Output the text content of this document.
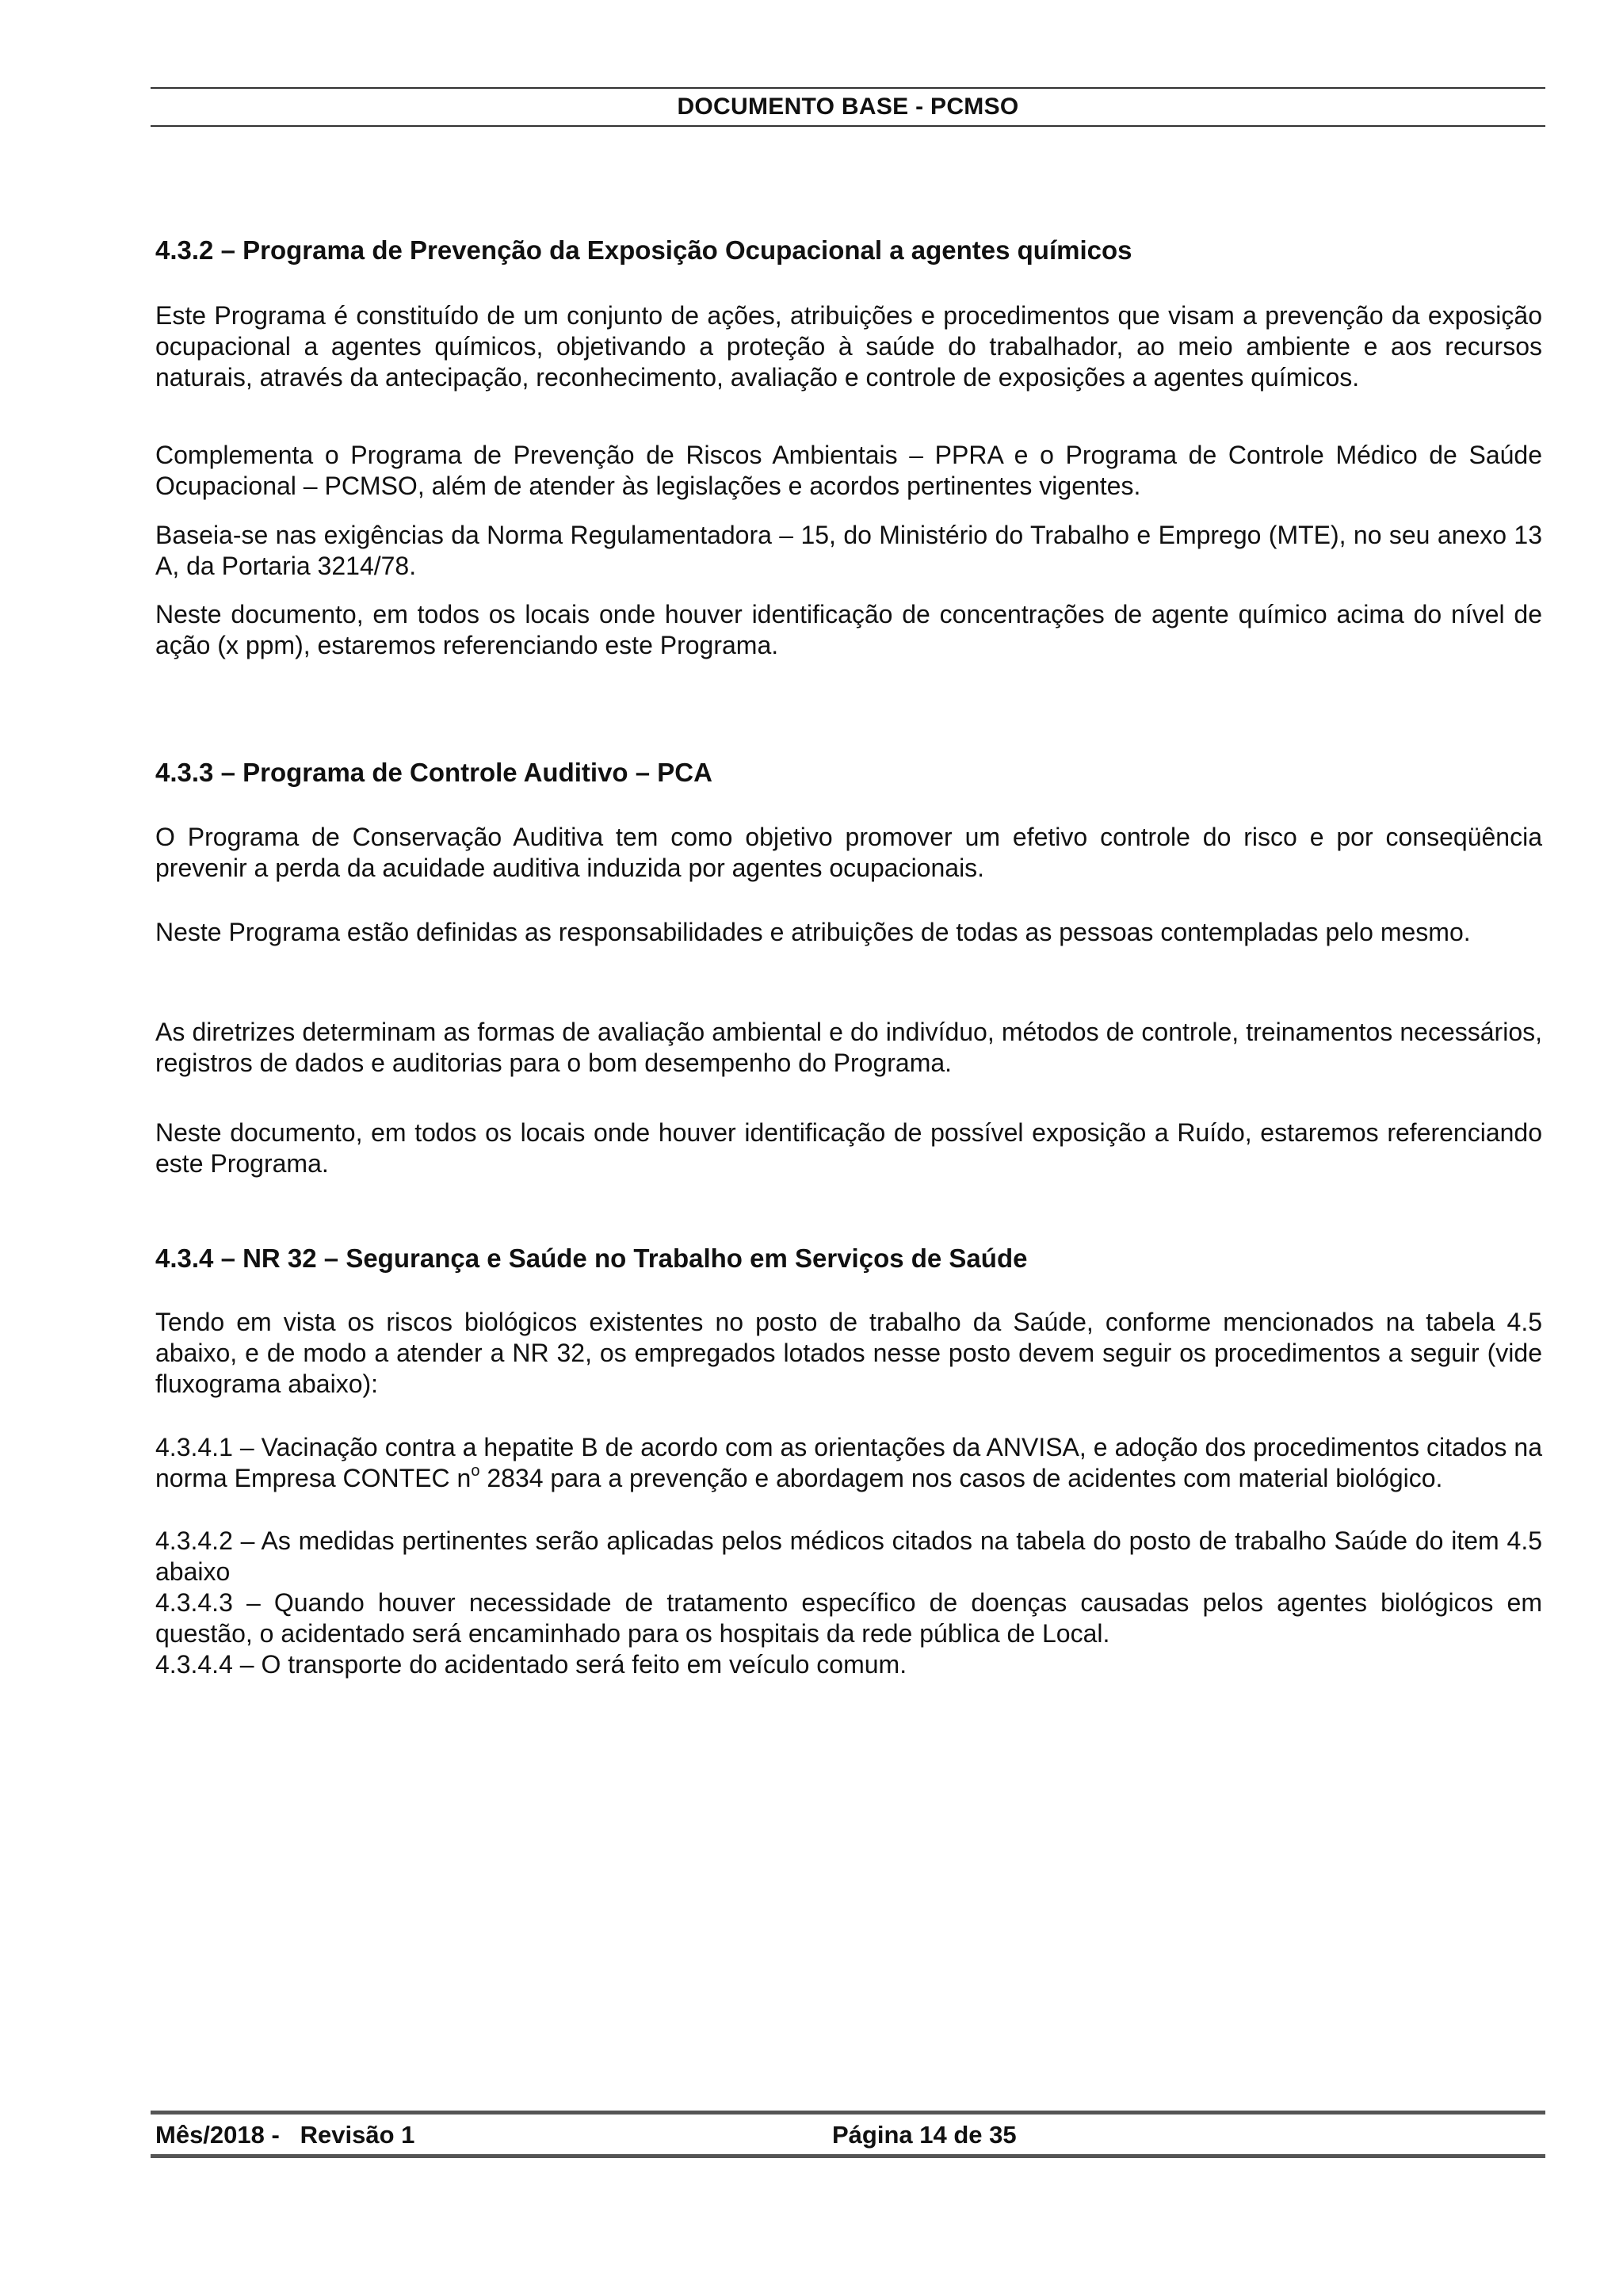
DOCUMENTO BASE - PCMSO
4.3.2 – Programa de Prevenção da Exposição Ocupacional a agentes químicos

Este Programa é constituído de um conjunto de ações, atribuições e procedimentos que visam a prevenção da exposição ocupacional a agentes químicos, objetivando a proteção à saúde do trabalhador, ao meio ambiente e aos recursos naturais, através da antecipação, reconhecimento, avaliação e controle de exposições a agentes químicos.

Complementa o Programa de Prevenção de Riscos Ambientais – PPRA e o Programa de Controle Médico de Saúde Ocupacional – PCMSO, além de atender às legislações e acordos pertinentes vigentes.

Baseia-se nas exigências da Norma Regulamentadora – 15, do Ministério do Trabalho e Emprego (MTE), no seu anexo 13 A, da Portaria 3214/78.

Neste documento, em todos os locais onde houver identificação de concentrações de agente químico acima do nível de ação (x ppm), estaremos referenciando este Programa.

4.3.3 – Programa de Controle Auditivo – PCA

O Programa de Conservação Auditiva tem como objetivo promover um efetivo controle do risco e por conseqüência prevenir a perda da acuidade auditiva induzida por agentes ocupacionais.

Neste Programa estão definidas as responsabilidades e atribuições de todas as pessoas contempladas pelo mesmo.

As diretrizes determinam as formas de avaliação ambiental e do indivíduo, métodos de controle, treinamentos necessários, registros de dados e auditorias para o bom desempenho do Programa.

Neste documento, em todos os locais onde houver identificação de possível exposição a Ruído, estaremos referenciando este Programa.

4.3.4 – NR 32 – Segurança e Saúde no Trabalho em Serviços de Saúde

Tendo em vista os riscos biológicos existentes no posto de trabalho da Saúde, conforme mencionados na tabela 4.5 abaixo, e de modo a atender a NR 32, os empregados lotados nesse posto devem seguir os procedimentos a seguir (vide fluxograma abaixo):

4.3.4.1 – Vacinação contra a hepatite B de acordo com as orientações da ANVISA, e adoção dos procedimentos citados na norma Empresa CONTEC $n^o$ 2834 para a prevenção e abordagem nos casos de acidentes com material biológico.

4.3.4.2 – As medidas pertinentes serão aplicadas pelos médicos citados na tabela do posto de trabalho Saúde do item 4.5 abaixo

4.3.4.3 – Quando houver necessidade de tratamento específico de doenças causadas pelos agentes biológicos em questão, o acidentado será encaminhado para os hospitais da rede pública de Local.

4.3.4.4 – O transporte do acidentado será feito em veículo comum.

Mês/2018 -   Revisão 1	Página 14 de 35
